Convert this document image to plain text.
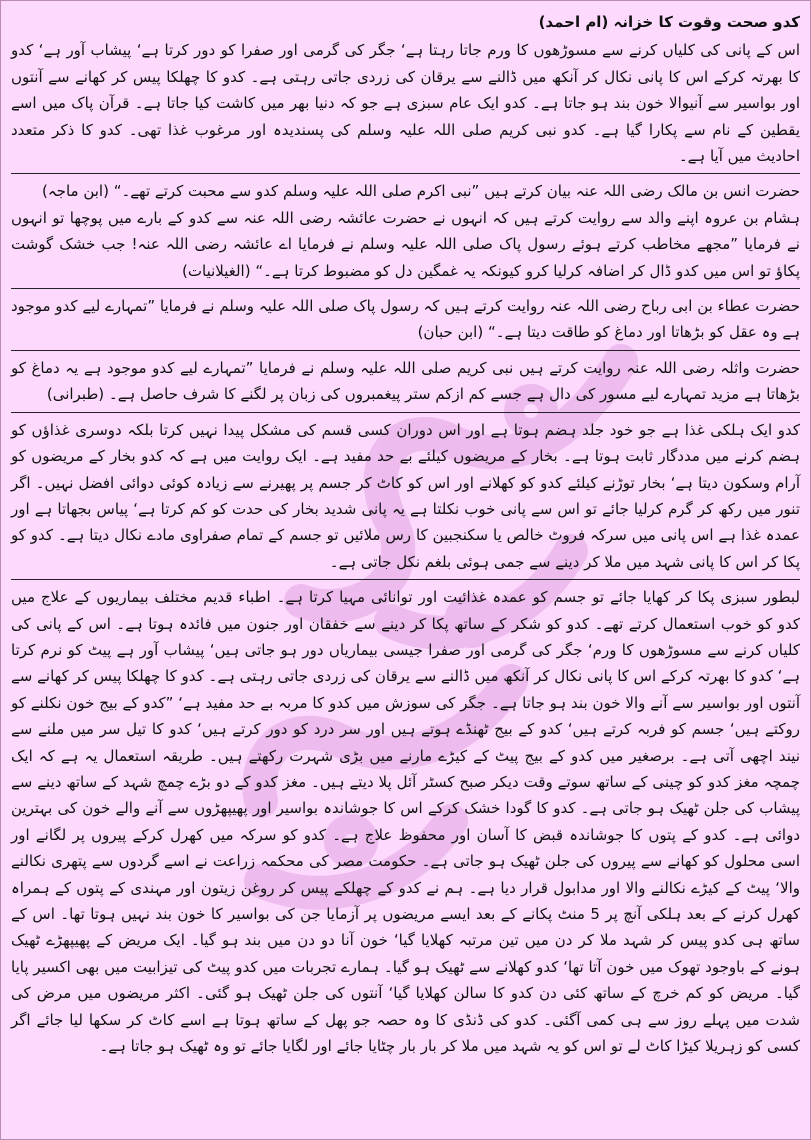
کدو صحت وقوت کا خزانہ (ام احمد)

اس کے پانی کی کلیاں کرنے سے مسوڑھوں کا ورم جاتا رہتا ہے‘ جگر کی گرمی اور صفرا کو دور کرتا ہے‘ پیشاب آور ہے‘ کدو کا بھرتہ کرکے اس کا پانی نکال کر آنکھ میں ڈالنے سے یرقان کی زردی جاتی رہتی ہے۔ کدو کا چھلکا پیس کر کھانے سے آنتوں اور بواسیر سے آنیوالا خون بند ہو جاتا ہے۔ کدو ایک عام سبزی ہے جو کہ دنیا بھر میں کاشت کیا جاتا ہے۔ قرآن پاک میں اسے یقطین کے نام سے پکارا گیا ہے۔ کدو نبی کریم صلی اللہ علیہ وسلم کی پسندیدہ اور مرغوب غذا تھی۔ کدو کا ذکر متعدد احادیث میں آیا ہے۔

حضرت انس بن مالک رضی اللہ عنہ بیان کرتے ہیں ”نبی اکرم صلی اللہ علیہ وسلم کدو سے محبت کرتے تھے۔“ (ابن ماجہ)
ہشام بن عروہ اپنے والد سے روایت کرتے ہیں کہ انہوں نے حضرت عائشہ رضی اللہ عنہ سے کدو کے بارے میں پوچھا تو انہوں نے فرمایا ”مجھے مخاطب کرتے ہوئے رسول پاک صلی اللہ علیہ وسلم نے فرمایا اے عائشہ رضی اللہ عنہ! جب خشک گوشت پکاؤ تو اس میں کدو ڈال کر اضافہ کرلیا کرو کیونکہ یہ غمگین دل کو مضبوط کرتا ہے۔“ (الغیلانیات)

حضرت عطاء بن ابی رباح رضی اللہ عنہ روایت کرتے ہیں کہ رسول پاک صلی اللہ علیہ وسلم نے فرمایا ”تمہارے لیے کدو موجود ہے وہ عقل کو بڑھاتا اور دماغ کو طاقت دیتا ہے۔“ (ابن حبان)

حضرت واثلہ رضی اللہ عنہ روایت کرتے ہیں نبی کریم صلی اللہ علیہ وسلم نے فرمایا ”تمہارے لیے کدو موجود ہے یہ دماغ کو بڑھاتا ہے مزید تمہارے لیے مسور کی دال ہے جسے کم ازکم ستر پیغمبروں کی زبان پر لگنے کا شرف حاصل ہے۔ (طبرانی)

کدو ایک ہلکی غذا ہے جو خود جلد ہضم ہوتا ہے اور اس دوران کسی قسم کی مشکل پیدا نہیں کرتا بلکہ دوسری غذاؤں کو ہضم کرنے میں مددگار ثابت ہوتا ہے۔ بخار کے مریضوں کیلئے بے حد مفید ہے۔ ایک روایت میں ہے کہ کدو بخار کے مریضوں کو آرام وسکون دیتا ہے‘ بخار توڑنے کیلئے کدو کو کھلانے اور اس کو کاٹ کر جسم پر پھیرنے سے زیادہ کوئی دوائی افضل نہیں۔ اگر تنور میں رکھ کر گرم کرلیا جائے تو اس سے پانی خوب نکلتا ہے یہ پانی شدید بخار کی حدت کو کم کرتا ہے‘ پیاس بجھاتا ہے اور عمدہ غذا ہے اس پانی میں سرکہ فروٹ خالص یا سکنجبین کا رس ملائیں تو جسم کے تمام صفراوی مادے نکال دیتا ہے۔ کدو کو پکا کر اس کا پانی شہد میں ملا کر دینے سے جمی ہوئی بلغم نکل جاتی ہے۔

لبطور سبزی پکا کر کھایا جائے تو جسم کو عمدہ غذائیت اور توانائی مہیا کرتا ہے۔ اطباء قدیم مختلف بیماریوں کے علاج میں کدو کو خوب استعمال کرتے تھے۔ کدو کو شکر کے ساتھ پکا کر دینے سے خفقان اور جنون میں فائدہ ہوتا ہے۔ اس کے پانی کی کلیاں کرنے سے مسوڑھوں کا ورم‘ جگر کی گرمی اور صفرا جیسی بیماریاں دور ہو جاتی ہیں‘ پیشاب آور ہے پیٹ کو نرم کرتا ہے‘ کدو کا بھرتہ کرکے اس کا پانی نکال کر آنکھ میں ڈالنے سے یرقان کی زردی جاتی رہتی ہے۔ کدو کا چھلکا پیس کر کھانے سے آنتوں اور بواسیر سے آنے والا خون بند ہو جاتا ہے۔ جگر کی سوزش میں کدو کا مربہ بے حد مفید ہے‘ ”کدو کے بیج خون نکلنے کو روکتے ہیں‘ جسم کو فربہ کرتے ہیں‘ کدو کے بیج ٹھنڈے ہوتے ہیں اور سر درد کو دور کرتے ہیں‘ کدو کا تیل سر میں ملنے سے نیند اچھی آتی ہے۔ برصغیر میں کدو کے بیج پیٹ کے کیڑے مارنے میں بڑی شہرت رکھتے ہیں۔ طریقہ استعمال یہ ہے کہ ایک چمچہ مغز کدو کو چینی کے ساتھ سوتے وقت دیکر صبح کسٹر آئل پلا دیتے ہیں۔ مغز کدو کے دو بڑے چمچ شہد کے ساتھ دینے سے پیشاب کی جلن ٹھیک ہو جاتی ہے۔ کدو کا گودا خشک کرکے اس کا جوشاندہ بواسیر اور پھیپھڑوں سے آنے والے خون کی بہترین دوائی ہے۔ کدو کے پتوں کا جوشاندہ قبض کا آسان اور محفوظ علاج ہے۔ کدو کو سرکہ میں کھرل کرکے پیروں پر لگانے اور اسی محلول کو کھانے سے پیروں کی جلن ٹھیک ہو جاتی ہے۔ حکومت مصر کی محکمہ زراعت نے اسے گردوں سے پتھری نکالنے والا‘ پیٹ کے کیڑے نکالنے والا اور مدابول قرار دیا ہے۔ ہم نے کدو کے چھلکے پیس کر روغن زیتون اور مہندی کے پتوں کے ہمراہ کھرل کرنے کے بعد ہلکی آنچ پر 5 منٹ پکانے کے بعد ایسے مریضوں پر آزمایا جن کی بواسیر کا خون بند نہیں ہوتا تھا۔ اس کے ساتھ ہی کدو پیس کر شہد ملا کر دن میں تین مرتبہ کھلایا گیا‘ خون آنا دو دن میں بند ہو گیا۔ ایک مریض کے پھیپھڑے ٹھیک ہونے کے باوجود تھوک میں خون آتا تھا‘ کدو کھلانے سے ٹھیک ہو گیا۔ ہمارے تجربات میں کدو پیٹ کی تیزابیت میں بھی اکسیر پایا گیا۔ مریض کو کم خرچ کے ساتھ کئی دن کدو کا سالن کھلایا گیا‘ آنتوں کی جلن ٹھیک ہو گئی۔ اکثر مریضوں میں مرض کی شدت میں پہلے روز سے ہی کمی آگئی۔ کدو کی ڈنڈی کا وہ حصہ جو پھل کے ساتھ ہوتا ہے اسے کاٹ کر سکھا لیا جائے اگر کسی کو زہریلا کیڑا کاٹ لے تو اس کو یہ شہد میں ملا کر بار بار چٹایا جائے اور لگایا جائے تو وہ ٹھیک ہو جاتا ہے۔
